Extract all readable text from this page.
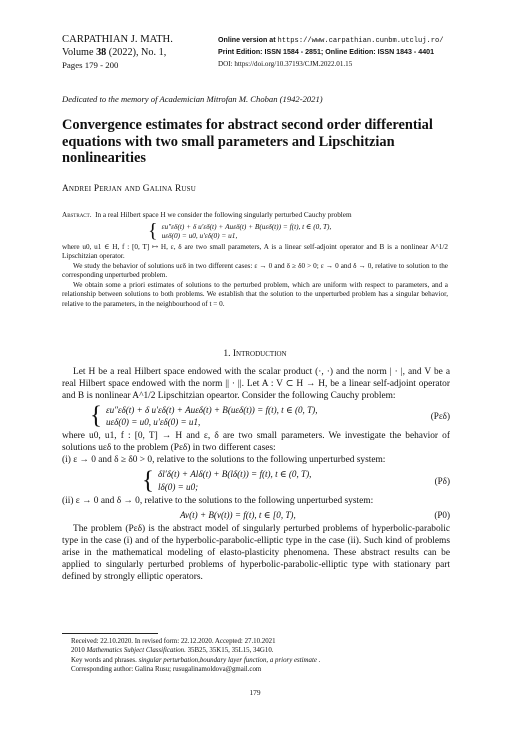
CARPATHIAN J. MATH.
Volume 38 (2022), No. 1,
Pages 179 - 200
Online version at https://www.carpathian.cunbm.utcluj.ro/
Print Edition: ISSN 1584 - 2851; Online Edition: ISSN 1843 - 4401
DOI: https://doi.org/10.37193/CJM.2022.01.15
Dedicated to the memory of Academician Mitrofan M. Choban (1942-2021)
Convergence estimates for abstract second order differential equations with two small parameters and Lipschitzian nonlinearities
Andrei Perjan and Galina Rusu

Abstract. In a real Hilbert space H we consider the following singularly perturbed Cauchy problem

{ εu″εδ(t) + δ u′εδ(t) + Auεδ(t) + B(uεδ(t)) = f(t), t ∈ (0, T),
uεδ(0) = u0, u′εδ(0) = u1,

where u0, u1 ∈ H, f : [0, T] ↦ H, ε, δ are two small parameters, A is a linear self-adjoint operator and B is a nonlinear A^1/2 Lipschitzian operator.

We study the behavior of solutions uεδ in two different cases: ε → 0 and δ ≥ δ0 > 0; ε → 0 and δ → 0, relative to solution to the corresponding unperturbed problem.

We obtain some a priori estimates of solutions to the perturbed problem, which are uniform with respect to parameters, and a relationship between solutions to both problems. We establish that the solution to the unperturbed problem has a singular behavior, relative to the parameters, in the neighbourhood of t = 0.

1. Introduction

Let H be a real Hilbert space endowed with the scalar product (·, ·) and the norm | · |, and V be a real Hilbert space endowed with the norm || · ||. Let A : V ⊂ H → H, be a linear self-adjoint operator and B is nonlinear A^1/2 Lipschitzian opeartor. Consider the following Cauchy problem:

{ εu″εδ(t) + δ u′εδ(t) + Auεδ(t) + B(uεδ(t)) = f(t), t ∈ (0, T),
uεδ(0) = u0, u′εδ(0) = u1,
(Pεδ)

where u0, u1, f : [0, T] → H and ε, δ are two small parameters. We investigate the behavior of solutions uεδ to the problem (Pεδ) in two different cases:

(i) ε → 0 and δ ≥ δ0 > 0, relative to the solutions to the following unperturbed system:

{ δl′δ(t) + Alδ(t) + B(lδ(t)) = f(t), t ∈ (0, T),
lδ(0) = u0;
(Pδ)

(ii) ε → 0 and δ → 0, relative to the solutions to the following unperturbed system:

Av(t) + B(v(t)) = f(t), t ∈ [0, T),	(P0)

The problem (Pεδ) is the abstract model of singularly perturbed problems of hyperbolic-parabolic type in the case (i) and of the hyperbolic-parabolic-elliptic type in the case (ii). Such kind of problems arise in the mathematical modeling of elasto-plasticity phenomena. These abstract results can be applied to singularly perturbed problems of hyperbolic-parabolic-elliptic type with stationary part defined by strongly elliptic operators.

Received: 22.10.2020. In revised form: 22.12.2020. Accepted: 27.10.2021

2010 Mathematics Subject Classification. 35B25, 35K15, 35L15, 34G10.

Key words and phrases. singular perturbation,boundary layer function, a priory estimate .

Corresponding author: Galina Rusu; rusugalinamoldova@gmail.com

179
